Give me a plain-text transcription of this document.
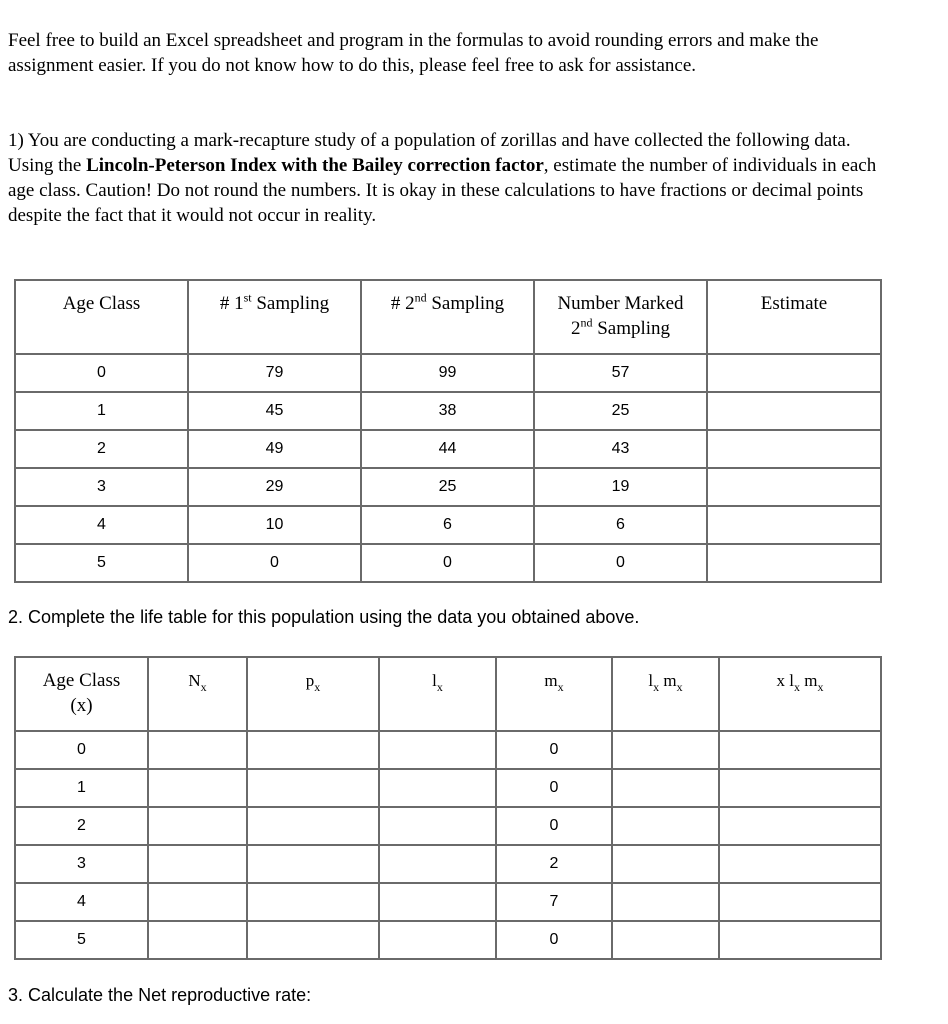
Feel free to build an Excel spreadsheet and program in the formulas to avoid rounding errors and make the assignment easier. If you do not know how to do this, please feel free to ask for assistance.
1) You are conducting a mark-recapture study of a population of zorillas and have collected the following data. Using the Lincoln-Peterson Index with the Bailey correction factor, estimate the number of individuals in each age class. Caution! Do not round the numbers. It is okay in these calculations to have fractions or decimal points despite the fact that it would not occur in reality.
Age Class	# 1st Sampling	# 2nd Sampling	Number Marked
2nd Sampling	Estimate
0	79	99	57	
1	45	38	25	
2	49	44	43	
3	29	25	19	
4	10	6	6	
5	0	0	0	
2. Complete the life table for this population using the data you obtained above.
Age Class
(x)	$N_x$	$p_x$	$l_x$	$m_x$	$l_x$ $m_x$	x $l_x$ $m_x$
0				0		
1				0		
2				0		
3				2		
4				7		
5				0		
3. Calculate the Net reproductive rate:
